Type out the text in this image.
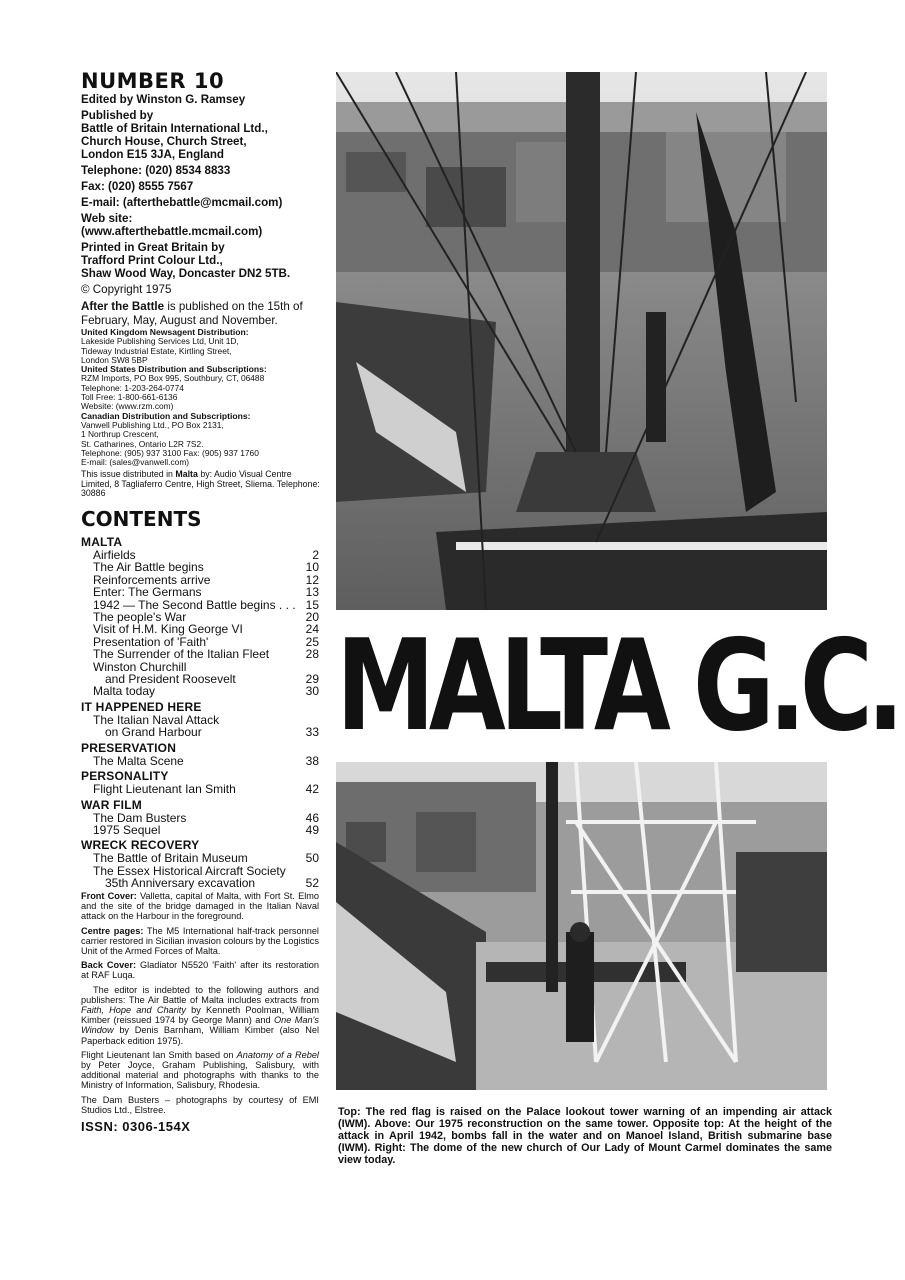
NUMBER 10

Edited by Winston G. Ramsey

Published by

Battle of Britain International Ltd.,

Church House, Church Street,

London E15 3JA, England

Telephone: (020) 8534 8833

Fax: (020) 8555 7567

E-mail: (afterthebattle@mcmail.com)

Web site:

(www.afterthebattle.mcmail.com)

Printed in Great Britain by

Trafford Print Colour Ltd.,

Shaw Wood Way, Doncaster DN2 5TB.

© Copyright 1975

After the Battle is published on the 15th of February, May, August and November.

United Kingdom Newsagent Distribution:

Lakeside Publishing Services Ltd, Unit 1D,

Tideway Industrial Estate, Kirtling Street,

London SW8 5BP

United States Distribution and Subscriptions:

RZM Imports, PO Box 995, Southbury, CT, 06488

Telephone: 1-203-264-0774

Toll Free: 1-800-661-6136

Website: (www.rzm.com)

Canadian Distribution and Subscriptions:

Vanwell Publishing Ltd., PO Box 2131,

1 Northrup Crescent,

St. Catharines, Ontario L2R 7S2.

Telephone: (905) 937 3100 Fax: (905) 937 1760

E-mail: (sales@vanwell.com)

This issue distributed in Malta by: Audio Visual Centre Limited, 8 Tagliaferro Centre, High Street, Sliema. Telephone: 30886

CONTENTS

MALTA

Airfields	2
The Air Battle begins	10
Reinforcements arrive	12
Enter: The Germans	13
1942 — The Second Battle begins . . . 15
The people's War	20
Visit of H.M. King George VI	24
Presentation of 'Faith'	25
The Surrender of the Italian Fleet	28
Winston Churchill
and President Roosevelt	29
Malta today	30

IT HAPPENED HERE

The Italian Naval Attack
on Grand Harbour	33

PRESERVATION

The Malta Scene	38

PERSONALITY

Flight Lieutenant Ian Smith	42

WAR FILM

The Dam Busters	46
1975 Sequel	49

WRECK RECOVERY

The Battle of Britain Museum	50
The Essex Historical Aircraft Society
35th Anniversary excavation	52

Front Cover: Valletta, capital of Malta, with Fort St. Elmo and the site of the bridge damaged in the Italian Naval attack on the Harbour in the foreground.

Centre pages: The M5 International half-track personnel carrier restored in Sicilian invasion colours by the Logistics Unit of the Armed Forces of Malta.

Back Cover: Gladiator N5520 'Faith' after its restoration at RAF Luqa.

The editor is indebted to the following authors and publishers: The Air Battle of Malta includes extracts from Faith, Hope and Charity by Kenneth Poolman, William Kimber (reissued 1974 by George Mann) and One Man's Window by Denis Barnham, William Kimber (also Nel Paperback edition 1975).

Flight Lieutenant Ian Smith based on Anatomy of a Rebel by Peter Joyce, Graham Publishing, Salisbury, with additional material and photographs with thanks to the Ministry of Information, Salisbury, Rhodesia.

The Dam Busters – photographs by courtesy of EMI Studios Ltd., Elstree.

ISSN: 0306-154X

MALTA G.C.

Top: The red flag is raised on the Palace lookout tower warning of an impending air attack (IWM). Above: Our 1975 reconstruction on the same tower. Opposite top: At the height of the attack in April 1942, bombs fall in the water and on Manoel Island, British submarine base (IWM). Right: The dome of the new church of Our Lady of Mount Carmel dominates the same view today.
